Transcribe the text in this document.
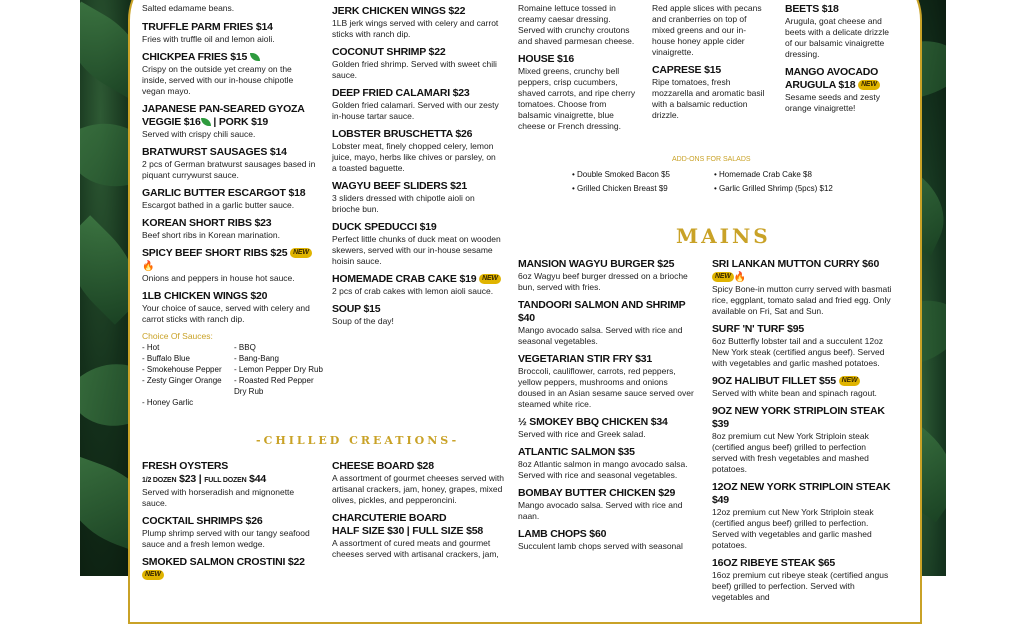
Salted edamame beans.
TRUFFLE PARM FRIES $14
Fries with truffle oil and lemon aioli.
CHICKPEA FRIES $15
Crispy on the outside yet creamy on the inside, served with our in-house chipotle vegan mayo.
JAPANESE PAN-SEARED GYOZA
VEGGIE $16 | PORK $19
Served with crispy chili sauce.
BRATWURST SAUSAGES $14
2 pcs of German bratwurst sausages based in piquant currywurst sauce.
GARLIC BUTTER ESCARGOT $18
Escargot bathed in a garlic butter sauce.
KOREAN SHORT RIBS $23
Beef short ribs in Korean marination.
SPICY BEEF SHORT RIBS $25 NEW🔥
Onions and peppers in house hot sauce.
1LB CHICKEN WINGS $20
Your choice of sauce, served with celery and carrot sticks with ranch dip.
Choice Of Sauces:
- Hot	- BBQ
- Buffalo Blue	- Bang-Bang
- Smokehouse Pepper	- Lemon Pepper Dry Rub
- Zesty Ginger Orange	- Roasted Red Pepper Dry Rub
- Honey Garlic
-CHILLED CREATIONS-
FRESH OYSTERS
1/2 DOZEN $23 | FULL DOZEN $44
Served with horseradish and mignonette sauce.
COCKTAIL SHRIMPS $26
Plump shrimp served with our tangy seafood sauce and a fresh lemon wedge.
SMOKED SALMON CROSTINI $22 NEW
JERK CHICKEN WINGS $22
1LB jerk wings served with celery and carrot sticks with ranch dip.
COCONUT SHRIMP $22
Golden fried shrimp. Served with sweet chili sauce.
DEEP FRIED CALAMARI $23
Golden fried calamari. Served with our zesty in-house tartar sauce.
LOBSTER BRUSCHETTA $26
Lobster meat, finely chopped celery, lemon juice, mayo, herbs like chives or parsley, on a toasted baguette.
WAGYU BEEF SLIDERS $21
3 sliders dressed with chipotle aioli on brioche bun.
DUCK SPEDUCCI $19
Perfect little chunks of duck meat on wooden skewers, served with our in-house sesame hoisin sauce.
HOMEMADE CRAB CAKE $19 NEW
2 pcs of crab cakes with lemon aioli sauce.
SOUP $15
Soup of the day!
CHEESE BOARD $28
A assortment of gourmet cheeses served with artisanal crackers, jam, honey, grapes, mixed olives, pickles, and pepperoncini.
CHARCUTERIE BOARD
HALF SIZE $30 | FULL SIZE $58
A assortment of cured meats and gourmet cheeses served with artisanal crackers, jam,
Romaine lettuce tossed in creamy caesar dressing. Served with crunchy croutons and shaved parmesan cheese.
HOUSE $16
Mixed greens, crunchy bell peppers, crisp cucumbers, shaved carrots, and ripe cherry tomatoes. Choose from balsamic vinaigrette, blue cheese or French dressing.
Red apple slices with pecans and cranberries on top of mixed greens and our in-house honey apple cider vinaigrette.
CAPRESE $15
Ripe tomatoes, fresh mozzarella and aromatic basil with a balsamic reduction drizzle.
BEETS $18
Arugula, goat cheese and beets with a delicate drizzle of our balsamic vinaigrette dressing.
MANGO AVOCADO
ARUGULA $18 NEW
Sesame seeds and zesty orange vinaigrette!
ADD-ONS FOR SALADS
• Double Smoked Bacon $5	• Homemade Crab Cake $8
• Grilled Chicken Breast $9	• Garlic Grilled Shrimp (5pcs) $12
MAINS
MANSION WAGYU BURGER $25
6oz Wagyu beef burger dressed on a brioche bun, served with fries.
TANDOORI SALMON AND SHRIMP $40
Mango avocado salsa. Served with rice and seasonal vegetables.
VEGETARIAN STIR FRY $31
Broccoli, cauliflower, carrots, red peppers, yellow peppers, mushrooms and onions doused in an Asian sesame sauce served over steamed white rice.
½ SMOKEY BBQ CHICKEN $34
Served with rice and Greek salad.
ATLANTIC SALMON $35
8oz Atlantic salmon in mango avocado salsa. Served with rice and seasonal vegetables.
BOMBAY BUTTER CHICKEN $29
Mango avocado salsa. Served with rice and naan.
LAMB CHOPS $60
Succulent lamb chops served with seasonal
SRI LANKAN MUTTON CURRY $60 NEW 🔥
Spicy Bone-in mutton curry served with basmati rice, eggplant, tomato salad and fried egg. Only available on Fri, Sat and Sun.
SURF 'N' TURF $95
6oz Butterfly lobster tail and a succulent 12oz New York steak (certified angus beef). Served with vegetables and garlic mashed potatoes.
9OZ HALIBUT FILLET $55 NEW
Served with white bean and spinach ragout.
9OZ NEW YORK STRIPLOIN STEAK $39
8oz premium cut New York Striploin steak (certified angus beef) grilled to perfection served with fresh vegetables and mashed potatoes.
12OZ NEW YORK STRIPLOIN STEAK $49
12oz premium cut New York Striploin steak (certified angus beef) grilled to perfection. Served with vegetables and garlic mashed potatoes.
16OZ RIBEYE STEAK $65
16oz premium cut ribeye steak (certified angus beef) grilled to perfection. Served with vegetables and
